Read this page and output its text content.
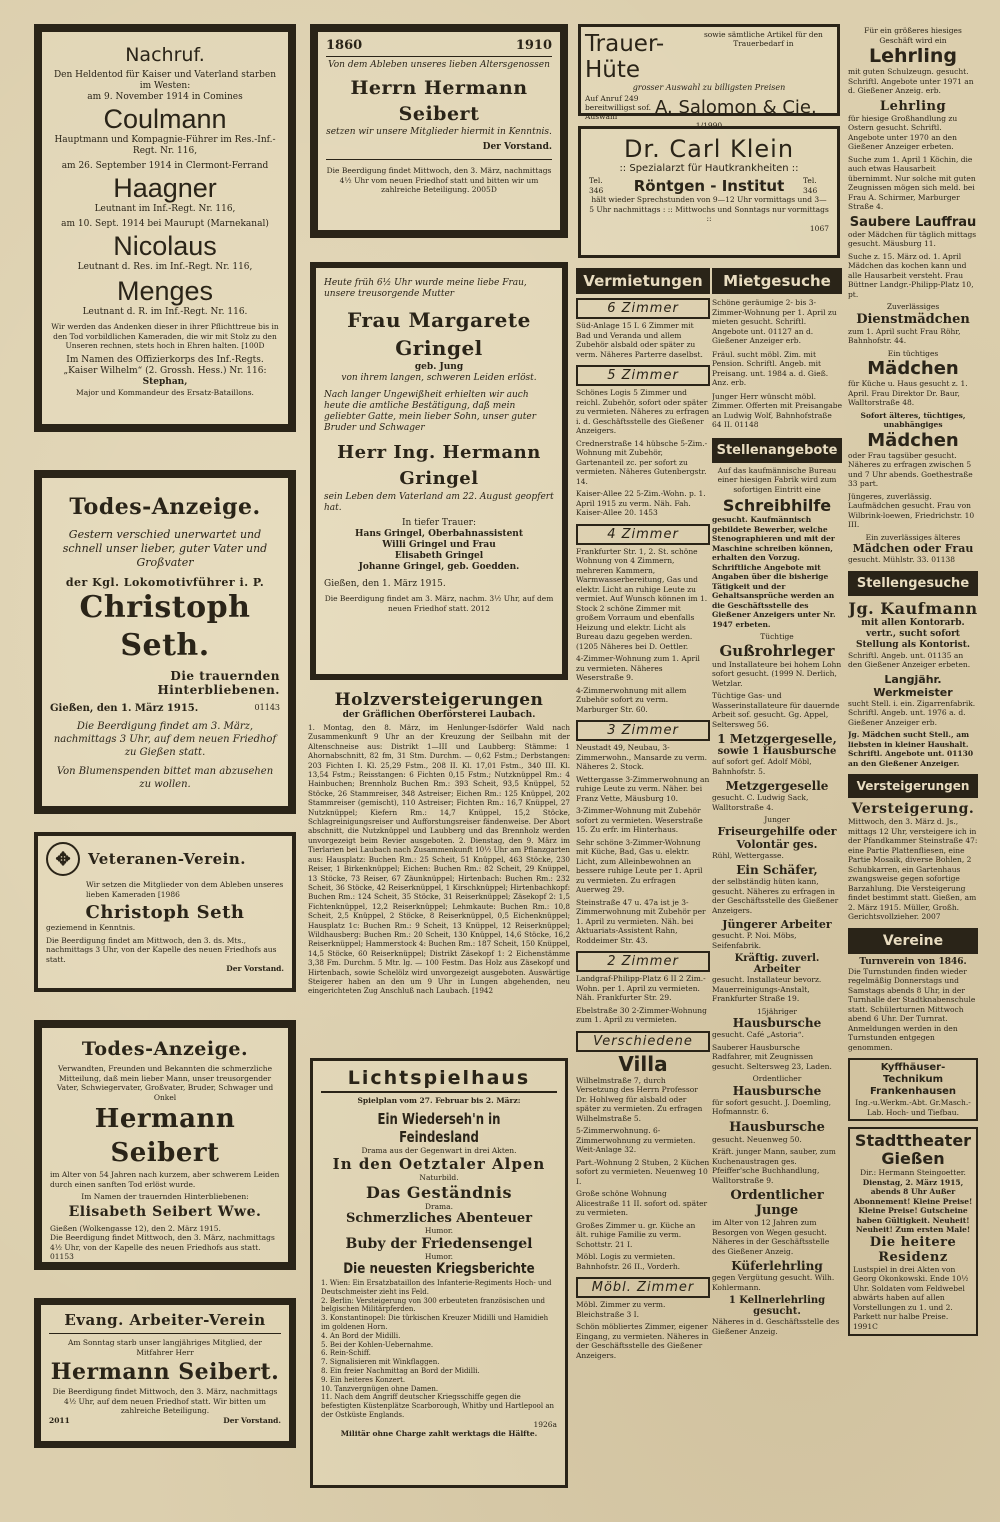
Nachruf.
Den Heldentod für Kaiser und Vaterland starben im Westen:
am 9. November 1914 in Comines
Coulmann
Hauptmann und Kompagnie-Führer im Res.-Inf.-Regt. Nr. 116,
am 26. September 1914 in Clermont-Ferrand
Haagner
Leutnant im Inf.-Regt. Nr. 116,
am 10. Sept. 1914 bei Maurupt (Marnekanal)
Nicolaus
Leutnant d. Res. im Inf.-Regt. Nr. 116,
Menges
Leutnant d. R. im Inf.-Regt. Nr. 116.
Wir werden das Andenken dieser in ihrer Pflichttreue bis in den Tod vorbildlichen Kameraden, die wir mit Stolz zu den Unseren rechnen, stets hoch in Ehren halten. [100D
Im Namen des Offizierkorps des Inf.-Regts. „Kaiser Wilhelm“ (2. Grossh. Hess.) Nr. 116:
Stephan,
Major und Kommandeur des Ersatz-Bataillons.
Todes-Anzeige.
Gestern verschied unerwartet und schnell unser lieber, guter Vater und Großvater
der Kgl. Lokomotivführer i. P.
Christoph Seth.
Die trauernden Hinterbliebenen.
Gießen, den 1. März 1915.	01143
Die Beerdigung findet am 3. März, nachmittags 3 Uhr, auf dem neuen Friedhof zu Gießen statt.
Von Blumenspenden bittet man abzusehen zu wollen.
✥	Veteranen-Verein.
Wir setzen die Mitglieder von dem Ableben unseres lieben Kameraden [1986
Christoph Seth
geziemend in Kenntnis.
Die Beerdigung findet am Mittwoch, den 3. ds. Mts., nachmittags 3 Uhr, von der Kapelle des neuen Friedhofs aus statt.
Der Vorstand.
Todes-Anzeige.
Verwandten, Freunden und Bekannten die schmerzliche Mitteilung, daß mein lieber Mann, unser treusorgender Vater, Schwiegervater, Großvater, Bruder, Schwager und Onkel
Hermann Seibert
im Alter von 54 Jahren nach kurzem, aber schwerem Leiden durch einen sanften Tod erlöst wurde.
Im Namen der trauernden Hinterbliebenen:
Elisabeth Seibert Wwe.
Gießen (Wolkengasse 12), den 2. März 1915.
Die Beerdigung findet Mittwoch, den 3. März, nachmittags 4½ Uhr, von der Kapelle des neuen Friedhofs aus statt. 01153
Evang. Arbeiter-Verein
Am Sonntag starb unser langjähriges Mitglied, der Mitfahrer Herr
Hermann Seibert.
Die Beerdigung findet Mittwoch, den 3. März, nachmittags 4½ Uhr, auf dem neuen Friedhof statt. Wir bitten um zahlreiche Beteiligung.
2011	Der Vorstand.
1860	1910
Von dem Ableben unseres lieben Altersgenossen
Herrn Hermann Seibert
setzen wir unsere Mitglieder hiermit in Kenntnis.
Der Vorstand.
Die Beerdigung findet Mittwoch, den 3. März, nachmittags 4½ Uhr vom neuen Friedhof statt und bitten wir um zahlreiche Beteiligung. 2005D
Heute früh 6½ Uhr wurde meine liebe Frau, unsere treusorgende Mutter
Frau Margarete Gringel
geb. Jung
von ihrem langen, schweren Leiden erlöst.
Nach langer Ungewißheit erhielten wir auch heute die amtliche Bestätigung, daß mein geliebter Gatte, mein lieber Sohn, unser guter Bruder und Schwager
Herr Ing. Hermann Gringel
sein Leben dem Vaterland am 22. August geopfert hat.
In tiefer Trauer:
Hans Gringel, Oberbahnassistent
Willi Gringel und Frau
Elisabeth Gringel
Johanne Gringel, geb. Goedden.
Gießen, den 1. März 1915.
Die Beerdigung findet am 3. März, nachm. 3½ Uhr, auf dem neuen Friedhof statt. 2012
Holzversteigerungen
der Gräflichen Oberförsterei Laubach.
1. Montag, den 8. März, im Henlunger-Isdörfer Wald nach Zusammenkunft 9 Uhr an der Kreuzung der Seilbahn mit der Altenschneise aus: Distrikt 1—III und Laubberg: Stämme: 1 Ahornabschnitt, 82 fm, 31 Stm. Durchm. — 0,62 Fstm.; Derbstangen: 203 Fichten I. Kl. 25,29 Fstm., 208 II. Kl. 17,01 Fstm., 340 III. Kl. 13,54 Fstm.; Reisstangen: 6 Fichten 0,15 Fstm.; Nutzknüppel Rm.: 4 Hainbuchen; Brennholz Buchen Rm.: 393 Scheit, 93,5 Knüppel, 52 Stöcke, 26 Stammreiser, 348 Astreiser; Eichen Rm.: 125 Knüppel, 202 Stammreiser (gemischt), 110 Astreiser; Fichten Rm.: 16,7 Knüppel, 27 Nutzknüppel; Kiefern Rm.: 14,7 Knüppel, 15,2 Stöcke, Schlagreinigungsreiser und Aufforstungsreiser fändenweise. Der Abort abschnitt, die Nutzknüppel und Laubberg und das Brennholz werden unvorgezeigt beim Revier ausgeboten. 2. Dienstag, den 9. März im Tierlarien bei Laubach nach Zusammenkunft 10½ Uhr am Pflanzgarten aus: Hausplatz: Buchen Rm.: 25 Scheit, 51 Knüppel, 463 Stöcke, 230 Reiser, 1 Birkenknüppel; Eichen: Buchen Rm.: 82 Scheit, 29 Knüppel, 13 Stöcke, 73 Reiser, 67 Zäunknüppel; Hirtenbach: Buchen Rm.: 232 Scheit, 36 Stöcke, 42 Reiserknüppel, 1 Kirschknüppel; Hirtenbachkopf: Buchen Rm.: 124 Scheit, 35 Stöcke, 31 Reiserknüppel; Zäsekopf 2: 1,5 Fichtenknüppel, 12,2 Reiserknüppel; Lehmkaute: Buchen Rm.: 10,8 Scheit, 2,5 Knüppel, 2 Stöcke, 8 Reiserknüppel, 0,5 Eichenknüppel; Hausplatz 1c: Buchen Rm.: 9 Scheit, 13 Knüppel, 12 Reiserknüppel; Wildhausberg: Buchen Rm.: 20 Scheit, 130 Knüppel, 14,6 Stöcke, 16,2 Reiserknüppel; Hammerstock 4: Buchen Rm.: 187 Scheit, 150 Knüppel, 14,5 Stöcke, 60 Reiserknüppel; Distrikt Zäsekopf 1: 2 Eichenstämme 3,38 Fm. Durchm. 5 Mtr. lg. — 100 Festm. Das Holz aus Zäsekopf und Hirtenbach, sowie Schelölz wird unvorgezeigt ausgeboten. Auswärtige Steigerer haben an den um 9 Uhr in Lungen abgehenden, neu eingerichteten Zug Anschluß nach Laubach. [1942
Lichtspielhaus
Spielplan vom 27. Februar bis 2. März:
Ein Wiederseh'n in Feindesland
Drama aus der Gegenwart in drei Akten.
In den Oetztaler Alpen
Naturbild.
Das Geständnis
Drama.
Schmerzliches Abenteuer
Humor.
Buby der Friedensengel
Humor.
Die neuesten Kriegsberichte
1. Wien: Ein Ersatzbataillon des Infanterie-Regiments Hoch- und Deutschmeister zieht ins Feld.
2. Berlin: Versteigerung von 300 erbeuteten französischen und belgischen Militärpferden.
3. Konstantinopel: Die türkischen Kreuzer Midilli und Hamidieh im goldenen Horn.
4. An Bord der Midilli.
5. Bei der Kohlen-Uebernahme.
6. Rein-Schiff.
7. Signalisieren mit Winkflaggen.
8. Ein freier Nachmittag an Bord der Midilli.
9. Ein heiteres Konzert.
10. Tanzvergnügen ohne Damen.
11. Nach dem Angriff deutscher Kriegsschiffe gegen die befestigten Küstenplätze Scarborough, Whitby und Hartlepool an der Ostküste Englands.
1926a
Militär ohne Charge zahlt werktags die Hälfte.
Trauer-Hüte
sowie sämtliche Artikel für den Trauerbedarf in
grosser Auswahl zu billigsten Preisen
Auf Anruf 249 bereitwilligst sof. Auswahl	A. Salomon & Cie.
1/1990
Dr. Carl Klein
:: Spezialarzt für Hautkrankheiten ::
Tel. 346	Röntgen - Institut	Tel. 346
hält wieder Sprechstunden von 9—12 Uhr vormittags und 3—5 Uhr nachmittags : :: Mittwochs und Sonntags nur vormittags ::
1067
Vermietungen
6 Zimmer
Süd-Anlage 15 I. 6 Zimmer mit Bad und Veranda und allem Zubehör alsbald oder später zu verm. Näheres Parterre daselbst.
5 Zimmer
Schönes Logis 5 Zimmer und reichl. Zubehör, sofort oder später zu vermieten. Näheres zu erfragen i. d. Geschäftsstelle des Gießener Anzeigers.
Crednerstraße 14 hübsche 5-Zim.-Wohnung mit Zubehör, Gartenanteil zc. per sofort zu vermieten. Näheres Gutenbergstr. 14.
Kaiser-Allee 22 5-Zim.-Wohn. p. 1. April 1915 zu verm. Näh. Fah. Kaiser-Allee 20. 1453
4 Zimmer
Frankfurter Str. 1, 2. St. schöne Wohnung von 4 Zimmern, mehreren Kammern, Warmwasserbereitung, Gas und elektr. Licht an ruhige Leute zu vermiet. Auf Wunsch können im 1. Stock 2 schöne Zimmer mit großem Vorraum und ebenfalls Heizung und elektr. Licht als Bureau dazu gegeben werden. (1205 Näheres bei D. Oettler.
4-Zimmer-Wohnung zum 1. April zu vermieten. Näheres Weserstraße 9.
4-Zimmerwohnung mit allem Zubehör sofort zu verm. Marburger Str. 60.
3 Zimmer
Neustadt 49, Neubau, 3-Zimmerwohn., Mansarde zu verm. Näheres 2. Stock.
Wettergasse 3-Zimmerwohnung an ruhige Leute zu verm. Näher. bei Franz Vette, Mäusburg 10.
3-Zimmer-Wohnung mit Zubehör sofort zu vermieten. Weserstraße 15. Zu erfr. im Hinterhaus.
Sehr schöne 3-Zimmer-Wohnung mit Küche, Bad, Gas u. elektr. Licht, zum Alleinbewohnen an bessere ruhige Leute per 1. April zu vermieten. Zu erfragen Auerweg 29.
Steinstraße 47 u. 47a ist je 3-Zimmerwohnung mit Zubehör per 1. April zu vermieten. Näh. bei Aktuariats-Assistent Rahn, Roddeimer Str. 43.
2 Zimmer
Landgraf-Philipp-Platz 6 II 2 Zim.-Wohn. per 1. April zu vermieten. Näh. Frankfurter Str. 29.
Ebelstraße 30 2-Zimmer-Wohnung zum 1. April zu vermieten.
Verschiedene
Villa
Wilhelmstraße 7, durch Versetzung des Herrn Professor Dr. Hohlweg für alsbald oder später zu vermieten. Zu erfragen Wilhelmstraße 5.
5-Zimmerwohnung. 6-Zimmerwohnung zu vermieten. Weit-Anlage 32.
Part.-Wohnung 2 Stuben, 2 Küchen sofort zu vermieten. Neuenweg 10 I.
Große schöne Wohnung Alicestraße 11 II. sofort od. später zu vermieten.
Großes Zimmer u. gr. Küche an ält. ruhige Familie zu verm. Schottstr. 21 I.
Möbl. Logis zu vermieten. Bahnhofstr. 26 II., Vorderh.
Möbl. Zimmer
Möbl. Zimmer zu verm. Bleichstraße 3 I.
Schön möbliertes Zimmer, eigener Eingang, zu vermieten. Näheres in der Geschäftsstelle des Gießener Anzeigers.
Mietgesuche
Schöne geräumige 2- bis 3-Zimmer-Wohnung per 1. April zu mieten gesucht. Schriftl. Angebote unt. 01127 an d. Gießener Anzeiger erb.
Fräul. sucht möbl. Zim. mit Pension. Schriftl. Angeb. mit Preisang. unt. 1984 a. d. Gieß. Anz. erb.
Junger Herr wünscht möbl. Zimmer. Offerten mit Preisangabe an Ludwig Wolf, Bahnhofstraße 64 II. 01148
Stellenangebote
Auf das kaufmännische Bureau einer hiesigen Fabrik wird zum sofortigen Eintritt eine
Schreibhilfe
gesucht. Kaufmännisch gebildete Bewerber, welche Stenographieren und mit der Maschine schreiben können, erhalten den Vorzug. Schriftliche Angebote mit Angaben über die bisherige Tätigkeit und der Gehaltsansprüche werden an die Geschäftsstelle des Gießener Anzeigers unter Nr. 1947 erbeten.
Tüchtige
Gußrohrleger
und Installateure bei hohem Lohn sofort gesucht. (1999 N. Derlich, Wetzlar.
Tüchtige Gas- und Wasserinstallateure für dauernde Arbeit sof. gesucht. Gg. Appel, Seltersweg 56.
1 Metzgergeselle,
sowie 1 Hausbursche
auf sofort gef. Adolf Möbl, Bahnhofstr. 5.
Metzgergeselle
gesucht. C. Ludwig Sack, Walltorstraße 4.
Junger
Friseurgehilfe oder Volontär ges.
Rühl, Wettergasse.
Ein Schäfer,
der selbständig hüten kann, gesucht. Näheres zu erfragen in der Geschäftsstelle des Gießener Anzeigers.
Jüngerer Arbeiter
gesucht. P. Noi. Möbs, Seifenfabrik.
Kräftig. zuverl. Arbeiter
gesucht. Installateur bevorz. Mauerreinigungs-Anstalt, Frankfurter Straße 19.
15jähriger
Hausbursche
gesucht. Café „Astoria“.
Sauberer Hausbursche Radfahrer, mit Zeugnissen gesucht. Seltersweg 23, Laden.
Ordentlicher
Hausbursche
für sofort gesucht. J. Doemling, Hofmannstr. 6.
Hausbursche
gesucht. Neuenweg 50.
Kräft. junger Mann, sauber, zum Kuchenaustragen ges. Pfeiffer'sche Buchhandlung, Walltorstraße 9.
Ordentlicher Junge
im Alter von 12 Jahren zum Besorgen von Wegen gesucht. Näheres in der Geschäftsstelle des Gießener Anzeig.
Küferlehrling
gegen Vergütung gesucht. Wilh. Kohlermann.
1 Kellnerlehrling gesucht.
Näheres in d. Geschäftsstelle des Gießener Anzeig.
Für ein größeres hiesiges Geschäft wird ein
Lehrling
mit guten Schulzeugn. gesucht. Schriftl. Angebote unter 1971 an d. Gießener Anzeig. erb.
Lehrling
für hiesige Großhandlung zu Ostern gesucht. Schriftl. Angebote unter 1970 an den Gießener Anzeiger erbeten.
Suche zum 1. April 1 Köchin, die auch etwas Hausarbeit übernimmt. Nur solche mit guten Zeugnissen mögen sich meld. bei Frau A. Schirmer, Marburger Straße 4.
Saubere Lauffrau
oder Mädchen für täglich mittags gesucht. Mäusburg 11.
Suche z. 15. März od. 1. April Mädchen das kochen kann und alle Hausarbeit versteht. Frau Büttner Landgr.-Philipp-Platz 10, pt.
Zuverlässiges
Dienstmädchen
zum 1. April sucht Frau Röhr, Bahnhofstr. 44.
Ein tüchtiges
Mädchen
für Küche u. Haus gesucht z. 1. April. Frau Direktor Dr. Baur, Walltorstraße 48.
Sofort älteres, tüchtiges, unabhängiges
Mädchen
oder Frau tagsüber gesucht. Näheres zu erfragen zwischen 5 und 7 Uhr abends. Goethestraße 33 part.
Jüngeres, zuverlässig. Laufmädchen gesucht. Frau von Wilbrink-loewen, Friedrichstr. 10 III.
Ein zuverlässiges älteres
Mädchen oder Frau
gesucht. Mühlstr. 33. 01138
Stellengesuche
Jg. Kaufmann
mit allen Kontorarb. vertr., sucht sofort Stellung als Kontorist.
Schriftl. Angeb. unt. 01135 an den Gießener Anzeiger erbeten.
Langjähr. Werkmeister
sucht Stell. i. ein. Zigarrenfabrik. Schriftl. Angeb. unt. 1976 a. d. Gießener Anzeiger erb.
Jg. Mädchen sucht Stell., am liebsten in kleiner Haushalt. Schriftl. Angebote unt. 01130 an den Gießener Anzeiger.
Versteigerungen
Versteigerung.
Mittwoch, den 3. März d. Js., mittags 12 Uhr, versteigere ich in der Pfandkammer Steinstraße 47: eine Partie Plattenfliesen, eine Partie Mosaik, diverse Bohlen, 2 Schubkarren, ein Gartenhaus zwangsweise gegen sofortige Barzahlung. Die Versteigerung findet bestimmt statt. Gießen, am 2. März 1915. Müller, Großh. Gerichtsvollzieher. 2007
Vereine
Turnverein von 1846.
Die Turnstunden finden wieder regelmäßig Donnerstags und Samstags abends 8 Uhr, in der Turnhalle der Stadtknabenschule statt. Schülerturnen Mittwoch abend 6 Uhr. Der Turnrat. Anmeldungen werden in den Turnstunden entgegen genommen.
Kyffhäuser-Technikum Frankenhausen
Ing.-u.Werkm.-Abt. Gr.Masch.-Lab. Hoch- und Tiefbau.
Stadttheater Gießen
Dir.: Hermann Steingoetter.
Dienstag, 2. März 1915, abends 8 Uhr Außer Abonnement! Kleine Preise! Kleine Preise! Gutscheine haben Gültigkeit. Neuheit! Neuheit! Zum ersten Male!
Die heitere Residenz
Lustspiel in drei Akten von Georg Okonkowski. Ende 10½ Uhr. Soldaten vom Feldwebel abwärts haben auf allen Vorstellungen zu 1. und 2. Parkett nur halbe Preise. 1991C
